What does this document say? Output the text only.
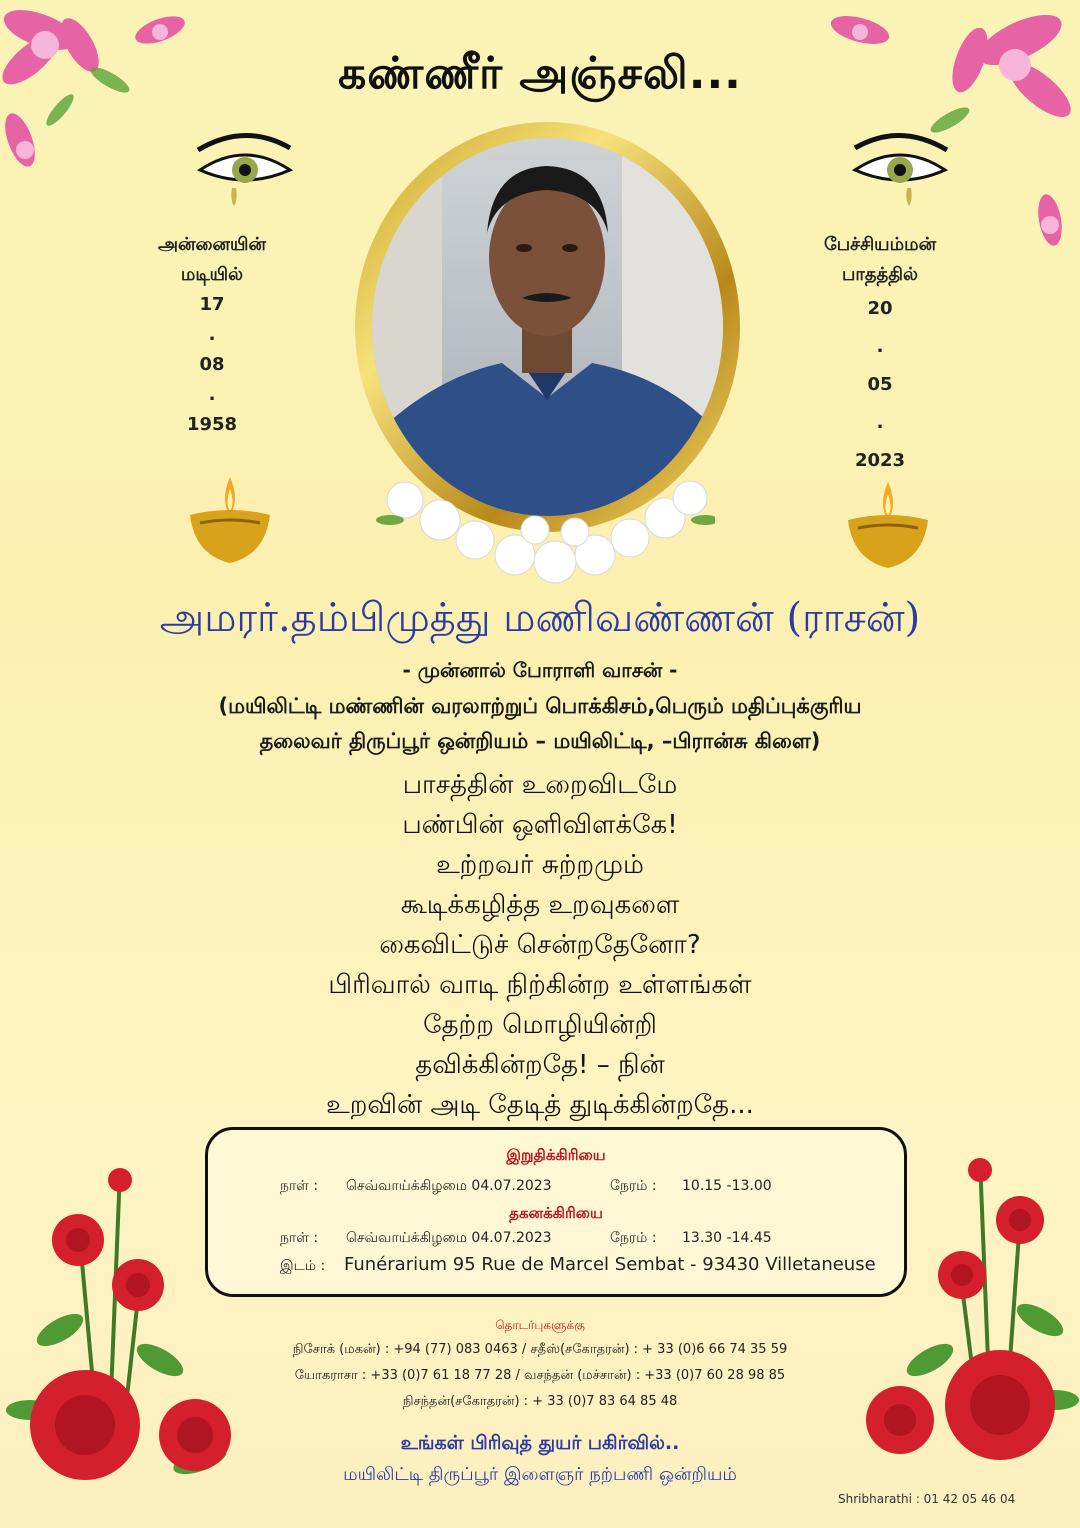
கண்ணீர் அஞ்சலி...
அன்னையின்
மடியில்
17
.
08
.
1958
பேச்சியம்மன்
பாதத்தில்
20
.
05
.
2023
அமரர்.தம்பிமுத்து மணிவண்ணன் (ராசன்)
- முன்னால் போராளி வாசன் -
(மயிலிட்டி மண்ணின் வரலாற்றுப் பொக்கிசம்,பெரும் மதிப்புக்குரிய
தலைவர் திருப்பூர் ஒன்றியம் – மயிலிட்டி, –பிரான்சு கிளை)
பாசத்தின் உறைவிடமே
பண்பின் ஒளிவிளக்கே!
உற்றவர் சுற்றமும்
கூடிக்கழித்த உறவுகளை
கைவிட்டுச் சென்றதேனோ?
பிரிவால் வாடி நிற்கின்ற உள்ளங்கள்
தேற்ற மொழியின்றி
தவிக்கின்றதே! – நின்
உறவின் அடி தேடித் துடிக்கின்றதே...
இறுதிக்கிரியை
நாள் : செவ்வாய்க்கிழமை 04.07.2023	நேரம் : 10.15 -13.00
தகனக்கிரியை
நாள் : செவ்வாய்க்கிழமை 04.07.2023	நேரம் : 13.30 -14.45
இடம் : Funérarium 95 Rue de Marcel Sembat - 93430 Villetaneuse
தொடர்புகளுக்கு
நிசோக் (மகன்) : +94 (77) 083 0463 / சதீஸ்(சகோதரன்) : + 33 (0)6 66 74 35 59
யோகராசா : +33 (0)7 61 18 77 28 / வசந்தன் (மச்சான்) : +33 (0)7 60 28 98 85
நிசந்தன்(சகோதரன்) : + 33 (0)7 83 64 85 48
உங்கள் பிரிவுத் துயர் பகிர்வில்..
மயிலிட்டி திருப்பூர் இளைஞர் நற்பணி ஒன்றியம்
Shribharathi : 01 42 05 46 04
